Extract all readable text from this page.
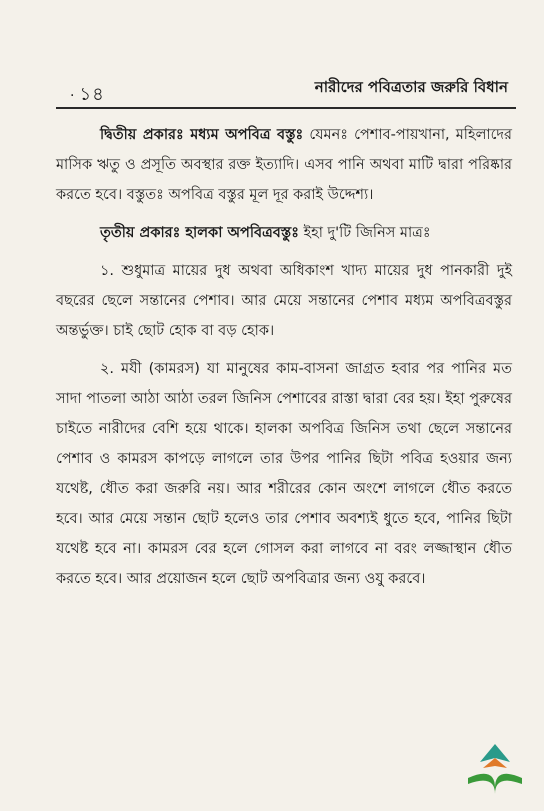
. ১৪	নারীদের পবিত্রতার জরুরি বিধান

দ্বিতীয় প্রকারঃ মধ্যম অপবিত্র বস্তুঃ যেমনঃ পেশাব-পায়খানা, মহিলাদের মাসিক ঋতু ও প্রসূতি অবস্থার রক্ত ইত্যাদি। এসব পানি অথবা মাটি দ্বারা পরিষ্কার করতে হবে। বস্তুতঃ অপবিত্র বস্তুর মূল দূর করাই উদ্দেশ্য।

তৃতীয় প্রকারঃ হালকা অপবিত্রবস্তুঃ ইহা দু'টি জিনিস মাত্রঃ

১. শুধুমাত্র মায়ের দুধ অথবা অধিকাংশ খাদ্য মায়ের দুধ পানকারী দুই বছরের ছেলে সন্তানের পেশাব। আর মেয়ে সন্তানের পেশাব মধ্যম অপবিত্রবস্তুর অন্তর্ভুক্ত। চাই ছোট হোক বা বড় হোক।

২. মযী (কামরস) যা মানুষের কাম-বাসনা জাগ্রত হবার পর পানির মত সাদা পাতলা আঠা আঠা তরল জিনিস পেশাবের রাস্তা দ্বারা বের হয়। ইহা পুরুষের চাইতে নারীদের বেশি হয়ে থাকে। হালকা অপবিত্র জিনিস তথা ছেলে সন্তানের পেশাব ও কামরস কাপড়ে লাগলে তার উপর পানির ছিটা পবিত্র হওয়ার জন্য যথেষ্ট, ধৌত করা জরুরি নয়। আর শরীরের কোন অংশে লাগলে ধৌত করতে হবে। আর মেয়ে সন্তান ছোট হলেও তার পেশাব অবশ্যই ধুতে হবে, পানির ছিটা যথেষ্ট হবে না। কামরস বের হলে গোসল করা লাগবে না বরং লজ্জাস্থান ধৌত করতে হবে। আর প্রয়োজন হলে ছোট অপবিত্রার জন্য ওযু করবে।
